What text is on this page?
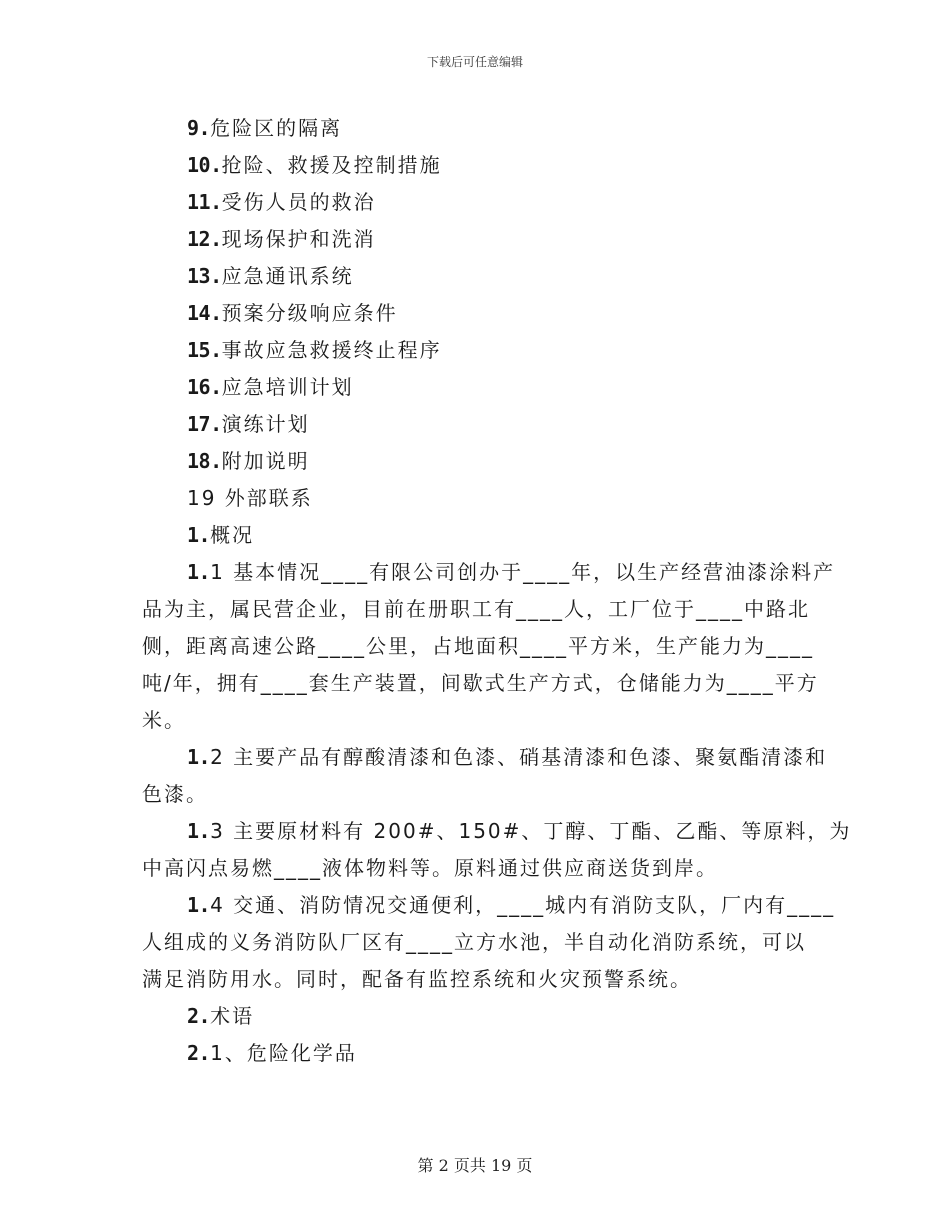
下载后可任意编辑
9.危险区的隔离
10.抢险、救援及控制措施
11.受伤人员的救治
12.现场保护和洗消
13.应急通讯系统
14.预案分级响应条件
15.事故应急救援终止程序
16.应急培训计划
17.演练计划
18.附加说明
19 外部联系
1.概况
1.1 基本情况____有限公司创办于____年，以生产经营油漆涂料产
品为主，属民营企业，目前在册职工有____人，工厂位于____中路北
侧，距离高速公路____公里，占地面积____平方米，生产能力为____
吨/年，拥有____套生产装置，间歇式生产方式，仓储能力为____平方
米。
1.2 主要产品有醇酸清漆和色漆、硝基清漆和色漆、聚氨酯清漆和
色漆。
1.3 主要原材料有 200#、150#、丁醇、丁酯、乙酯、等原料，为
中高闪点易燃____液体物料等。原料通过供应商送货到岸。
1.4 交通、消防情况交通便利，____城内有消防支队，厂内有____
人组成的义务消防队厂区有____立方水池，半自动化消防系统，可以
满足消防用水。同时，配备有监控系统和火灾预警系统。
2.术语
2.1、危险化学品
第 2 页共 19 页
